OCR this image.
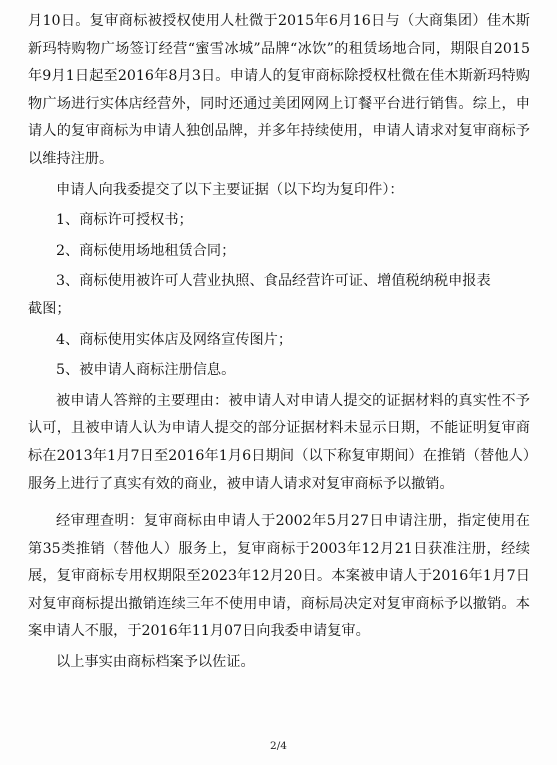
月10日。复审商标被授权使用人杜微于2015年6月16日与（大商集团）佳木斯新玛特购物广场签订经营“蜜雪冰城”品牌“冰饮”的租赁场地合同，期限自2015年9月1日起至2016年8月3日。申请人的复审商标除授权杜微在佳木斯新玛特购物广场进行实体店经营外，同时还通过美团网网上订餐平台进行销售。综上，申请人的复审商标为申请人独创品牌，并多年持续使用，申请人请求对复审商标予以维持注册。

申请人向我委提交了以下主要证据（以下均为复印件）：

1、商标许可授权书；

2、商标使用场地租赁合同；

3、商标使用被许可人营业执照、食品经营许可证、增值税纳税申报表

截图；

4、商标使用实体店及网络宣传图片；

5、被申请人商标注册信息。

被申请人答辩的主要理由：被申请人对申请人提交的证据材料的真实性不予认可，且被申请人认为申请人提交的部分证据材料未显示日期，不能证明复审商标在2013年1月7日至2016年1月6日期间（以下称复审期间）在推销（替他人）服务上进行了真实有效的商业，被申请人请求对复审商标予以撤销。

经审理查明：复审商标由申请人于2002年5月27日申请注册，指定使用在第35类推销（替他人）服务上，复审商标于2003年12月21日获准注册，经续展，复审商标专用权期限至2023年12月20日。本案被申请人于2016年1月7日对复审商标提出撤销连续三年不使用申请，商标局决定对复审商标予以撤销。本案申请人不服，于2016年11月07日向我委申请复审。

以上事实由商标档案予以佐证。

2/4
